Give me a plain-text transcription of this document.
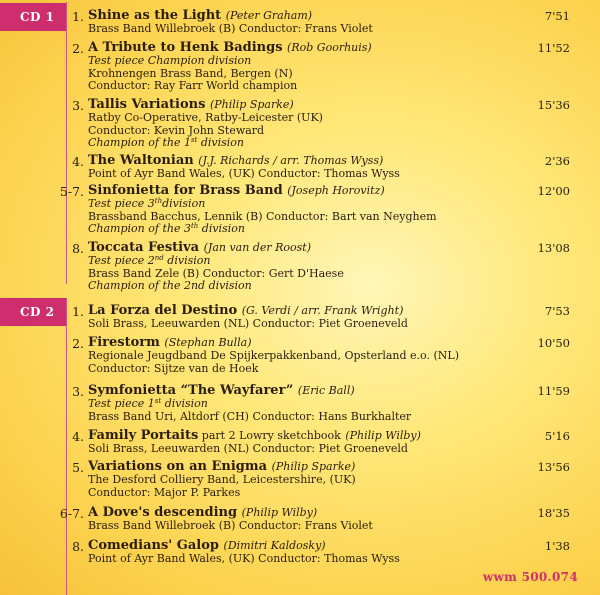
CD 1
CD 2
1. Shine as the Light (Peter Graham)
Brass Band Willebroek (B) Conductor: Frans Violet
7'51
2. A Tribute to Henk Badings (Rob Goorhuis)
Test piece Champion division
Krohnengen Brass Band, Bergen (N)
Conductor: Ray Farr World champion
11'52
3. Tallis Variations (Philip Sparke)
Ratby Co-Operative, Ratby-Leicester (UK)
Conductor: Kevin John Steward
Champion of the 1st division
15'36
4. The Waltonian (J.J. Richards / arr. Thomas Wyss)
Point of Ayr Band Wales, (UK) Conductor: Thomas Wyss
2'36
5-7. Sinfonietta for Brass Band (Joseph Horovitz)
Test piece 3thdivision
Brassband Bacchus, Lennik (B) Conductor: Bart van Neyghem
Champion of the 3th division
12'00
8. Toccata Festiva (Jan van der Roost)
Test piece 2nd division
Brass Band Zele (B) Conductor: Gert D'Haese
Champion of the 2nd division
13'08
1. La Forza del Destino (G. Verdi / arr. Frank Wright)
Soli Brass, Leeuwarden (NL) Conductor: Piet Groeneveld
7'53
2. Firestorm (Stephan Bulla)
Regionale Jeugdband De Spijkerpakkenband, Opsterland e.o. (NL)
Conductor: Sijtze van de Hoek
10'50
3. Symfonietta “The Wayfarer” (Eric Ball)
Test piece 1st division
Brass Band Uri, Altdorf (CH) Conductor: Hans Burkhalter
11'59
4. Family Portaits part 2 Lowry sketchbook (Philip Wilby)
Soli Brass, Leeuwarden (NL) Conductor: Piet Groeneveld
5'16
5. Variations on an Enigma (Philip Sparke)
The Desford Colliery Band, Leicestershire, (UK)
Conductor: Major P. Parkes
13'56
6-7. A Dove's descending (Philip Wilby)
Brass Band Willebroek (B) Conductor: Frans Violet
18'35
8. Comedians' Galop (Dimitri Kaldosky)
Point of Ayr Band Wales, (UK) Conductor: Thomas Wyss
1'38
wwm 500.074
